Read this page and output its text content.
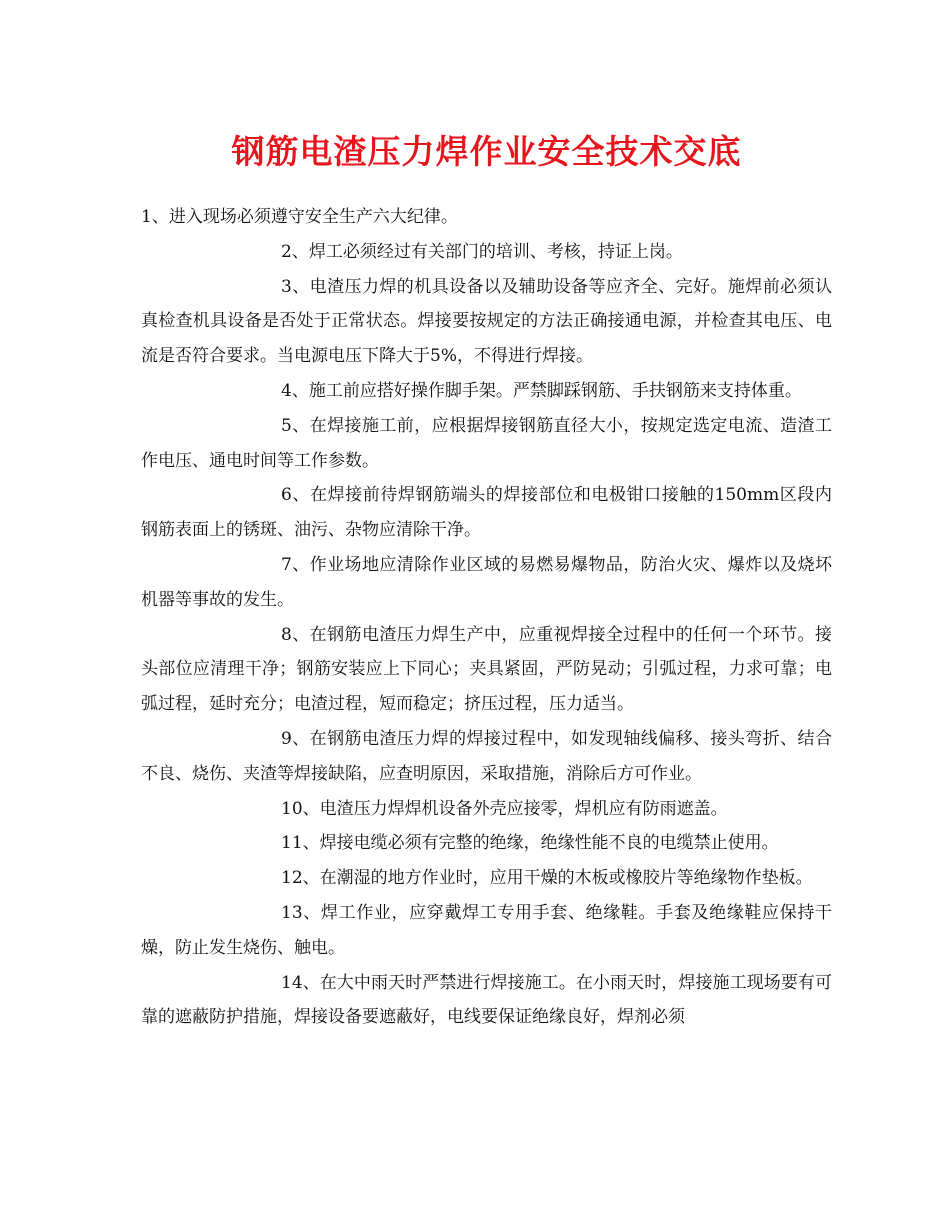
钢筋电渣压力焊作业安全技术交底

1、进入现场必须遵守安全生产六大纪律。

2、焊工必须经过有关部门的培训、考核，持证上岗。

3、电渣压力焊的机具设备以及辅助设备等应齐全、完好。施焊前必须认真检查机具设备是否处于正常状态。焊接要按规定的方法正确接通电源，并检查其电压、电流是否符合要求。当电源电压下降大于5%，不得进行焊接。

4、施工前应搭好操作脚手架。严禁脚踩钢筋、手扶钢筋来支持体重。

5、在焊接施工前，应根据焊接钢筋直径大小，按规定选定电流、造渣工作电压、通电时间等工作参数。

6、在焊接前待焊钢筋端头的焊接部位和电极钳口接触的150mm区段内钢筋表面上的锈斑、油污、杂物应清除干净。

7、作业场地应清除作业区域的易燃易爆物品，防治火灾、爆炸以及烧坏机器等事故的发生。

8、在钢筋电渣压力焊生产中，应重视焊接全过程中的任何一个环节。接头部位应清理干净；钢筋安装应上下同心；夹具紧固，严防晃动；引弧过程，力求可靠；电弧过程，延时充分；电渣过程，短而稳定；挤压过程，压力适当。

9、在钢筋电渣压力焊的焊接过程中，如发现轴线偏移、接头弯折、结合不良、烧伤、夹渣等焊接缺陷，应查明原因，采取措施，消除后方可作业。

10、电渣压力焊焊机设备外壳应接零，焊机应有防雨遮盖。

11、焊接电缆必须有完整的绝缘，绝缘性能不良的电缆禁止使用。

12、在潮湿的地方作业时，应用干燥的木板或橡胶片等绝缘物作垫板。

13、焊工作业，应穿戴焊工专用手套、绝缘鞋。手套及绝缘鞋应保持干燥，防止发生烧伤、触电。

14、在大中雨天时严禁进行焊接施工。在小雨天时，焊接施工现场要有可靠的遮蔽防护措施，焊接设备要遮蔽好，电线要保证绝缘良好，焊剂必须
